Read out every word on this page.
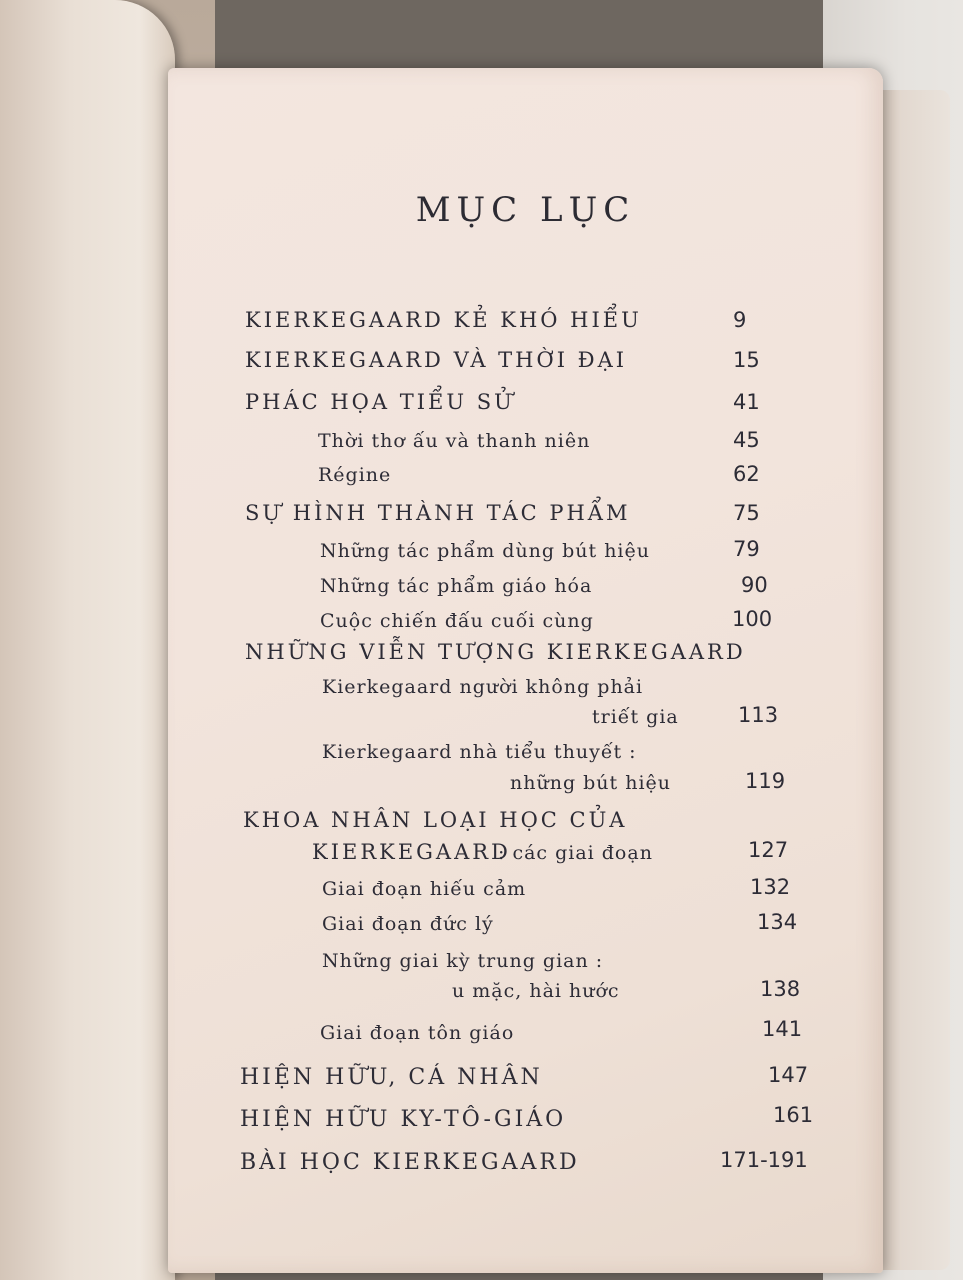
MỤC LỤC
KIERKEGAARD KẺ KHÓ HIỂU	9
KIERKEGAARD VÀ THỜI ĐẠI	15
PHÁC HỌA TIỂU SỬ	41
Thời thơ ấu và thanh niên	45
Régine	62
SỰ HÌNH THÀNH TÁC PHẨM	75
Những tác phẩm dùng bút hiệu	79
Những tác phẩm giáo hóa	90
Cuộc chiến đấu cuối cùng	100
NHỮNG VIỄN TƯỢNG KIERKEGAARD
Kierkegaard người không phải
triết gia	113
Kierkegaard nhà tiểu thuyết :
những bút hiệu	119
KHOA NHÂN LOẠI HỌC CỦA
KIERKEGAARD
: các giai đoạn	127
Giai đoạn hiếu cảm	132
Giai đoạn đức lý	134
Những giai kỳ trung gian :
u mặc, hài hước	138
Giai đoạn tôn giáo	141
HIỆN HỮU, CÁ NHÂN	147
HIỆN HỮU KY-TÔ-GIÁO	161
BÀI HỌC KIERKEGAARD	171-191
